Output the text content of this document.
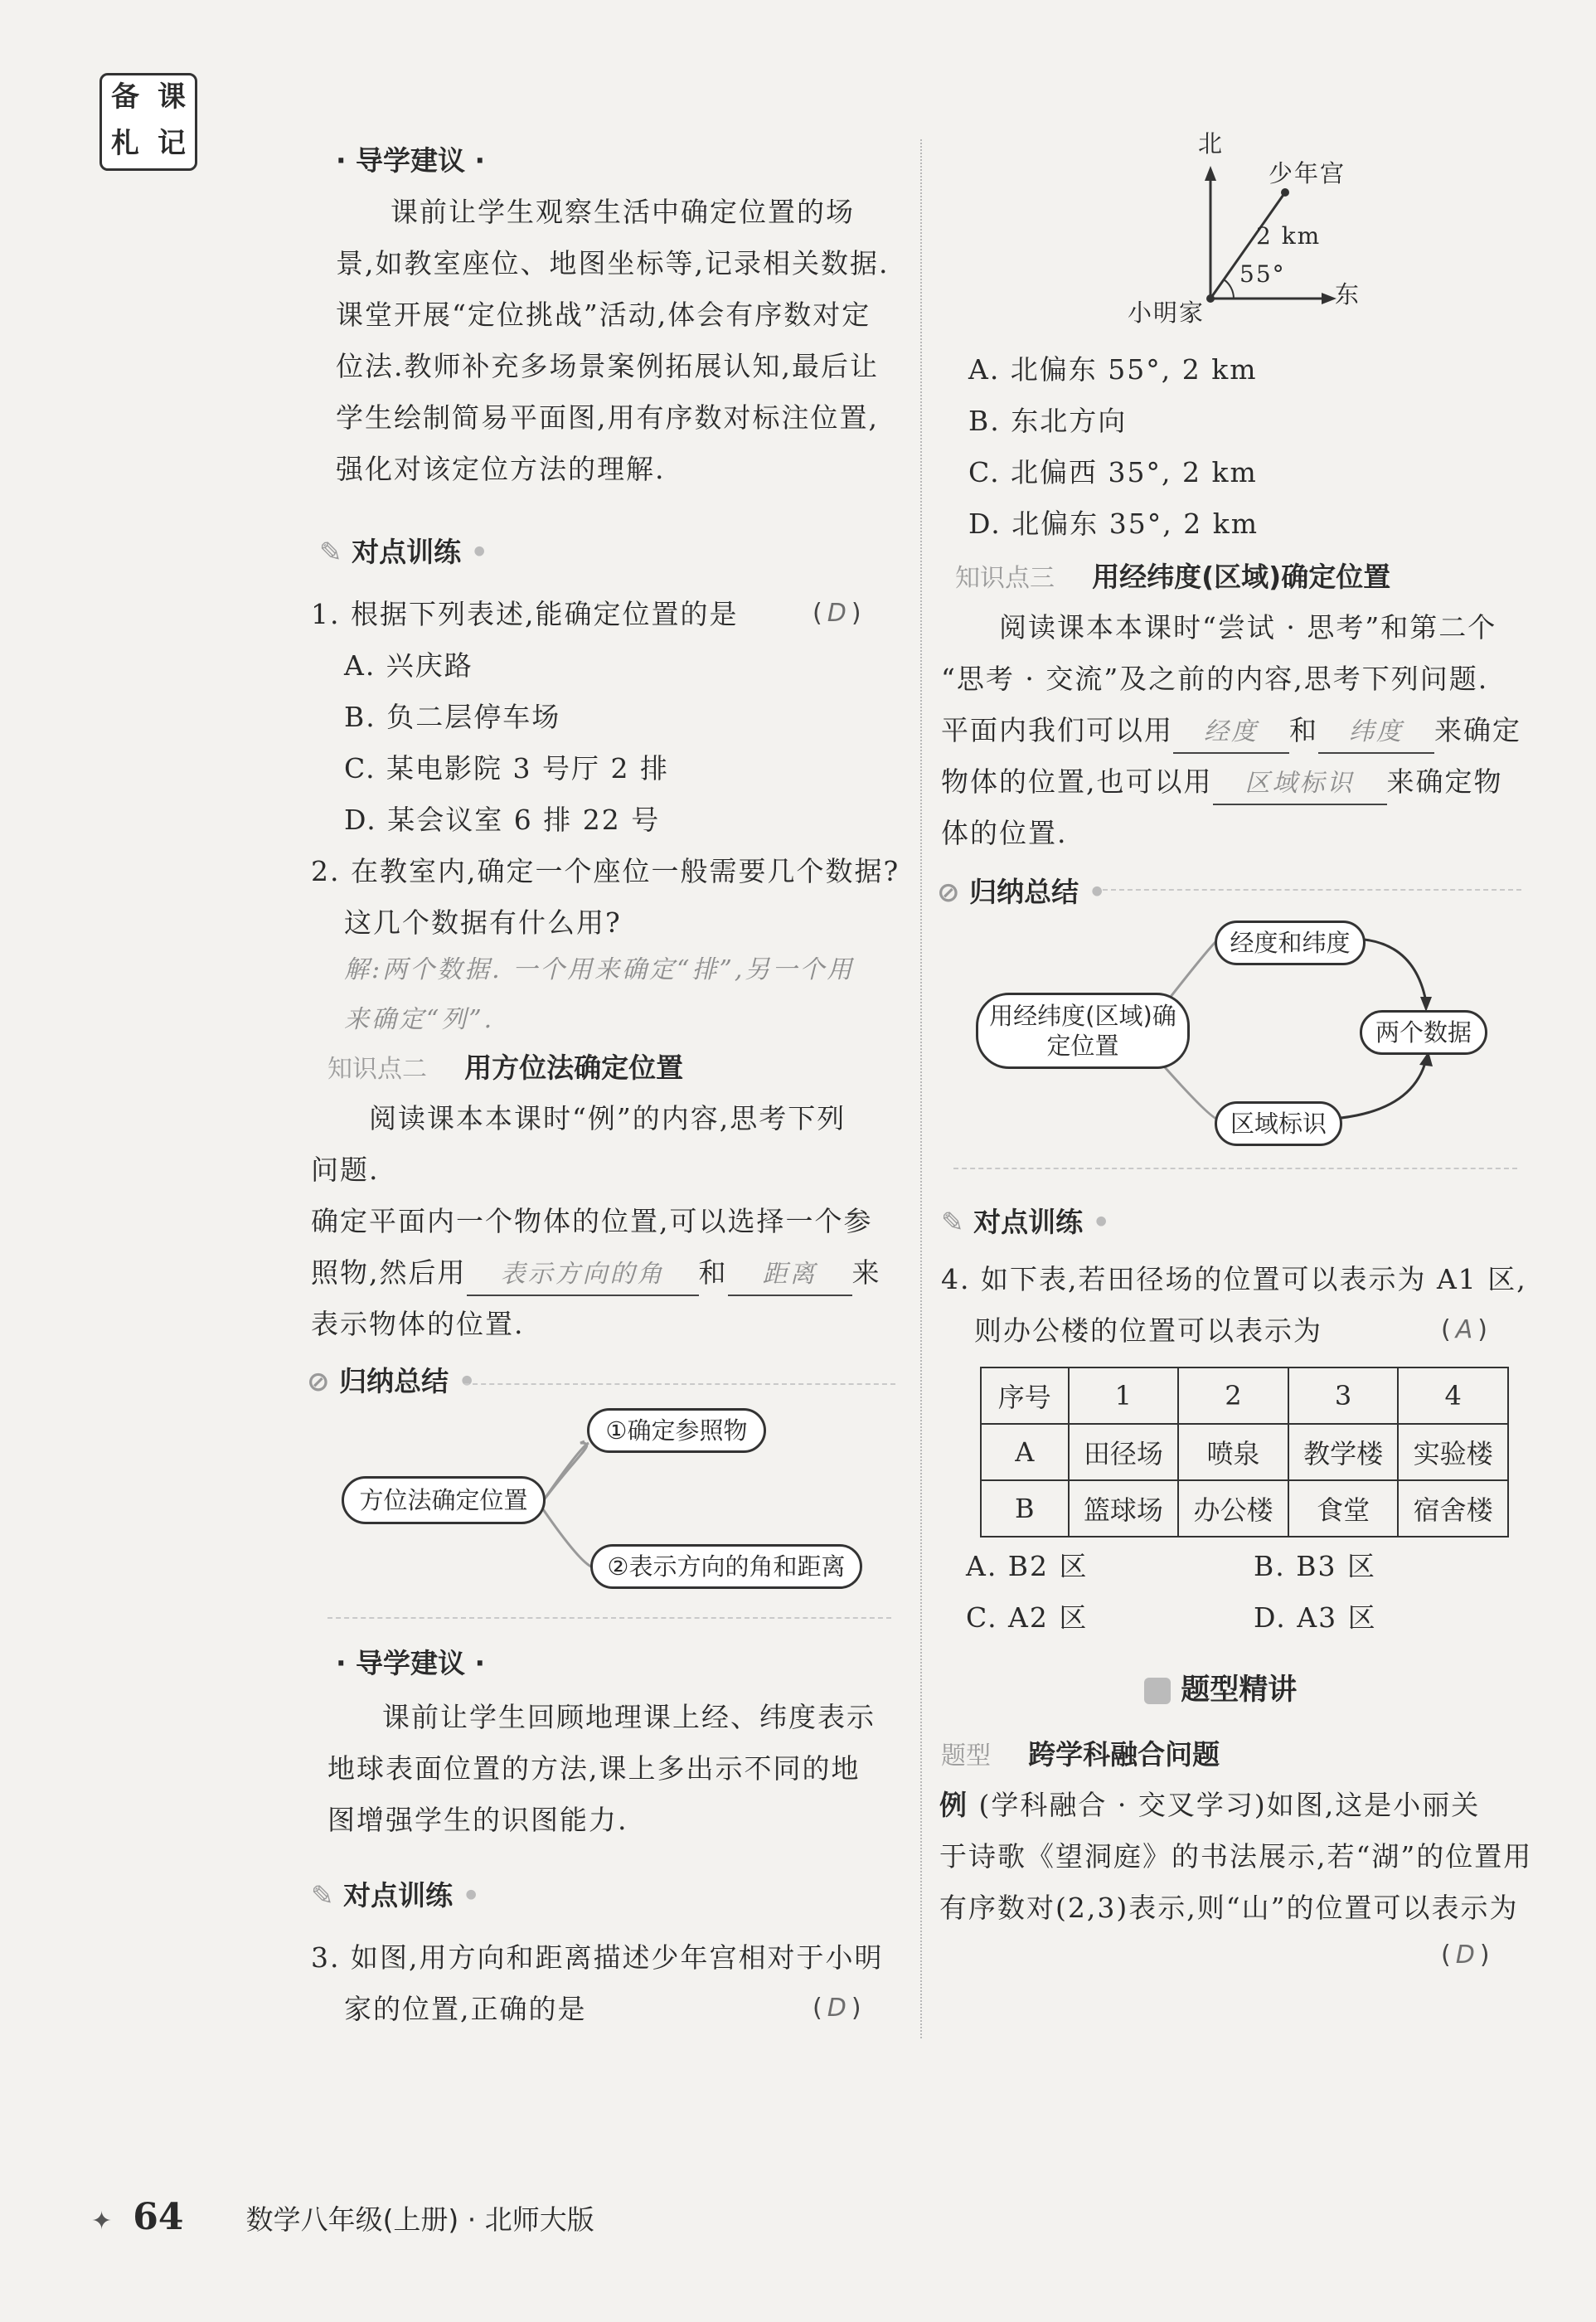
备 课
札 记
· 导学建议 ·
课前让学生观察生活中确定位置的场
景,如教室座位、地图坐标等,记录相关数据.
课堂开展“定位挑战”活动,体会有序数对定
位法.教师补充多场景案例拓展认知,最后让
学生绘制简易平面图,用有序数对标注位置,
强化对该定位方法的理解.
✎ 对点训练 •
1. 根据下列表述,能确定位置的是	(D)
A. 兴庆路
B. 负二层停车场
C. 某电影院 3 号厅 2 排
D. 某会议室 6 排 22 号
2. 在教室内,确定一个座位一般需要几个数据?
这几个数据有什么用?
解:两个数据. 一个用来确定“排”,另一个用
来确定“列”.
知识点二 用方位法确定位置
阅读课本本课时“例”的内容,思考下列
问题.
确定平面内一个物体的位置,可以选择一个参
照物,然后用 表示方向的角 和 距离 来
表示物体的位置.
⊘ 归纳总结 •
方位法确定位置
①确定参照物
②表示方向的角和距离
· 导学建议 ·
课前让学生回顾地理课上经、纬度表示
地球表面位置的方法,课上多出示不同的地
图增强学生的识图能力.
✎ 对点训练 •
3. 如图,用方向和距离描述少年宫相对于小明
家的位置,正确的是	(D)
北
少年宫
2 km
55°
东
小明家
A. 北偏东 55°, 2 km
B. 东北方向
C. 北偏西 35°, 2 km
D. 北偏东 35°, 2 km
知识点三 用经纬度(区域)确定位置
阅读课本本课时“尝试 · 思考”和第二个
“思考 · 交流”及之前的内容,思考下列问题.
平面内我们可以用 经度 和 纬度 来确定
物体的位置,也可以用 区域标识 来确定物
体的位置.
⊘ 归纳总结 •
用经纬度(区域)确定位置
经度和纬度
区域标识
两个数据
✎ 对点训练 •
4. 如下表,若田径场的位置可以表示为 A1 区,
则办公楼的位置可以表示为	(A)
序号	1	2	3	4
A	田径场	喷泉	教学楼	实验楼
B	篮球场	办公楼	食堂	宿舍楼
A. B2 区	B. B3 区
C. A2 区	D. A3 区
题型精讲
题型 跨学科融合问题
例 (学科融合 · 交叉学习)如图,这是小丽关
于诗歌《望洞庭》的书法展示,若“湖”的位置用
有序数对(2,3)表示,则“山”的位置可以表示为
(D)
✦ 64 数学八年级(上册) · 北师大版
